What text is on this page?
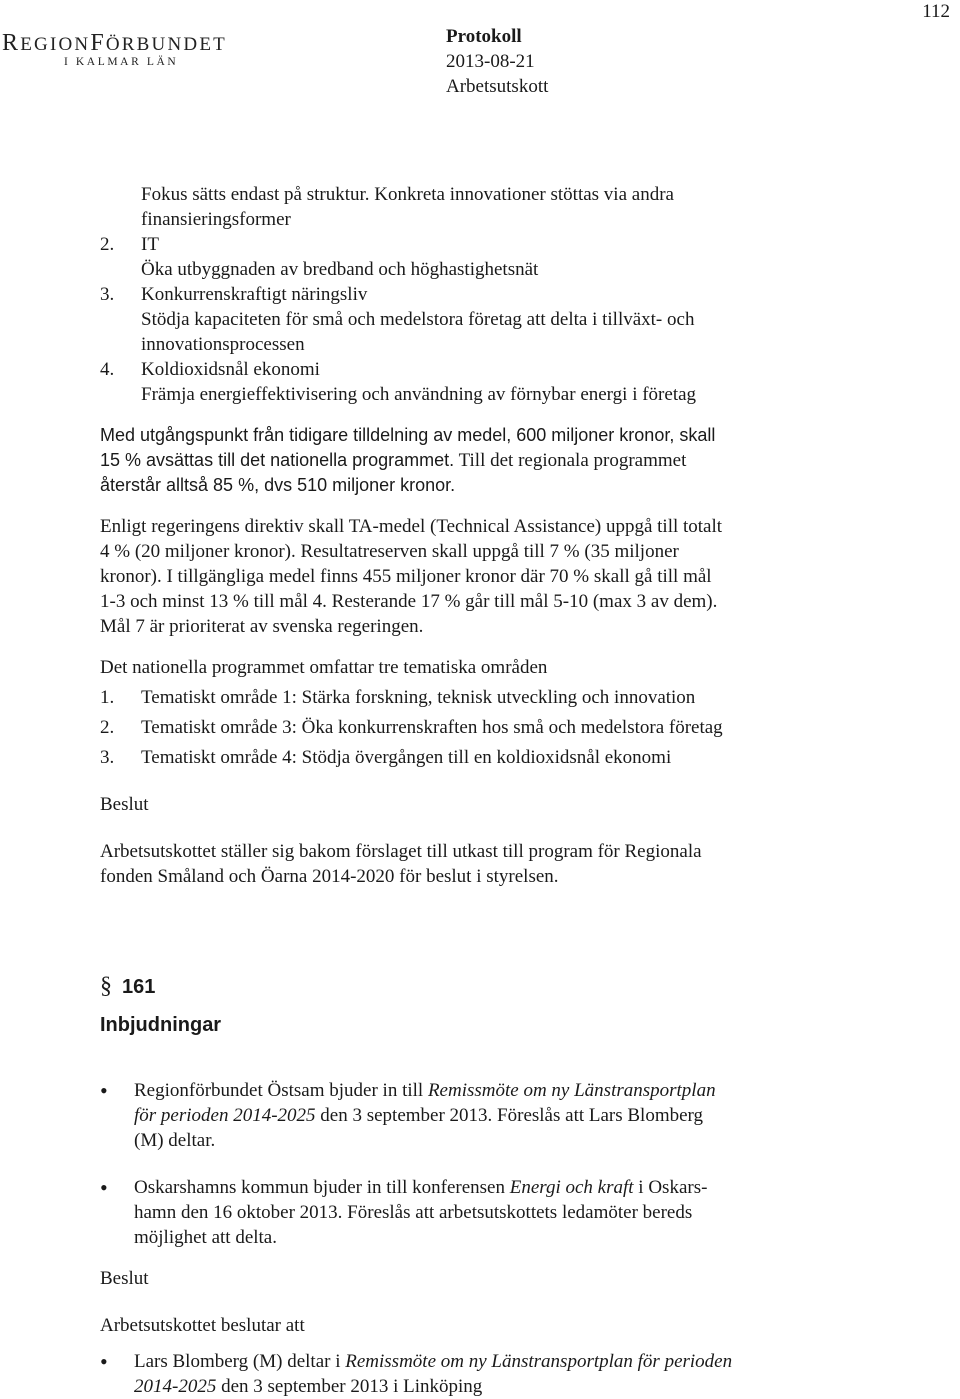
112
REGIONFÖRBUNDET
I KALMAR LÄN
Protokoll
2013-08-21
Arbetsutskott

Fokus sätts endast på struktur. Konkreta innovationer stöttas via andra

finansieringsformer

2.	IT

Öka utbyggnaden av bredband och höghastighetsnät

3.	Konkurrenskraftigt näringsliv

Stödja kapaciteten för små och medelstora företag att delta i tillväxt- och

innovationsprocessen

4.	Koldioxidsnål ekonomi

Främja energieffektivisering och användning av förnybar energi i företag

Med utgångspunkt från tidigare tilldelning av medel, 600 miljoner kronor, skall

15 % avsättas till det nationella programmet. Till det regionala programmet

återstår alltså 85 %, dvs 510 miljoner kronor.

Enligt regeringens direktiv skall TA-medel (Technical Assistance) uppgå till totalt

4 % (20 miljoner kronor). Resultatreserven skall uppgå till 7 % (35 miljoner

kronor). I tillgängliga medel finns 455 miljoner kronor där 70 % skall gå till mål

1-3 och minst 13 % till mål 4. Resterande 17 % går till mål 5-10 (max 3 av dem).

Mål 7 är prioriterat av svenska regeringen.

Det nationella programmet omfattar tre tematiska områden

1.	Tematiskt område 1: Stärka forskning, teknisk utveckling och innovation
2.	Tematiskt område 3: Öka konkurrenskraften hos små och medelstora företag
3.	Tematiskt område 4: Stödja övergången till en koldioxidsnål ekonomi

Beslut

Arbetsutskottet ställer sig bakom förslaget till utkast till program för Regionala

fonden Småland och Öarna 2014-2020 för beslut i styrelsen.

§ 161
Inbjudningar
•	Regionförbundet Östsam bjuder in till Remissmöte om ny Länstransportplan

för perioden 2014-2025 den 3 september 2013. Föreslås att Lars Blomberg

(M) deltar.

•	Oskarshamns kommun bjuder in till konferensen Energi och kraft i Oskars-

hamn den 16 oktober 2013. Föreslås att arbetsutskottets ledamöter bereds

möjlighet att delta.

Beslut

Arbetsutskottet beslutar att

•	Lars Blomberg (M) deltar i Remissmöte om ny Länstransportplan för perioden

2014-2025 den 3 september 2013 i Linköping
